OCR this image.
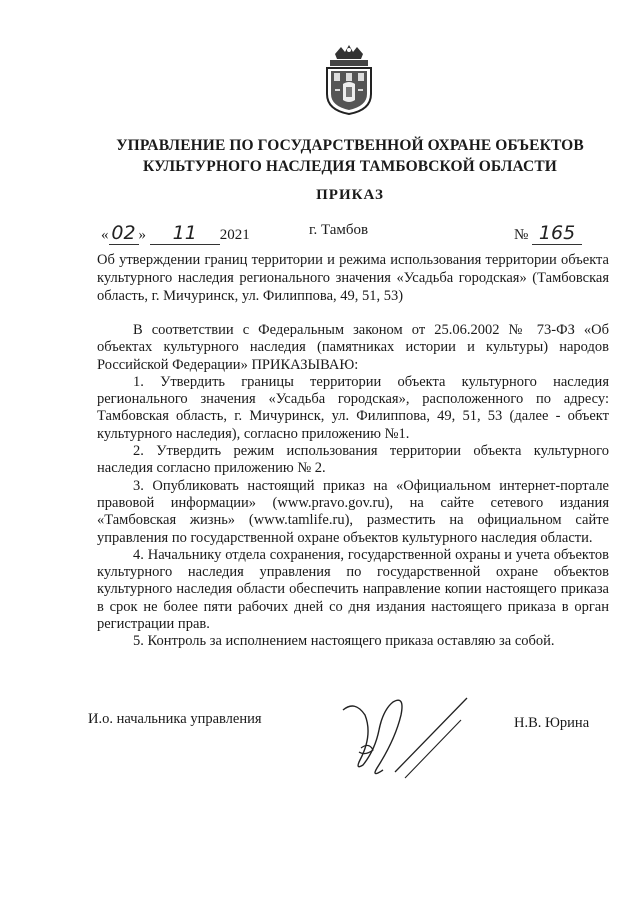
УПРАВЛЕНИЕ ПО ГОСУДАРСТВЕННОЙ ОХРАНЕ ОБЪЕКТОВ
КУЛЬТУРНОГО НАСЛЕДИЯ ТАМБОВСКОЙ ОБЛАСТИ
ПРИКАЗ
« 02 » 11 2021	г. Тамбов	№ 165
Об утверждении границ территории и режима использования территории объекта культурного наследия регионального значения «Усадьба городская» (Тамбовская область, г. Мичуринск, ул. Филиппова, 49, 51, 53)

В соответствии с Федеральным законом от 25.06.2002 № 73-ФЗ «Об объектах культурного наследия (памятниках истории и культуры) народов Российской Федерации» ПРИКАЗЫВАЮ:

1. Утвердить границы территории объекта культурного наследия регионального значения «Усадьба городская», расположенного по адресу: Тамбовская область, г. Мичуринск, ул. Филиппова, 49, 51, 53 (далее - объект культурного наследия), согласно приложению №1.

2. Утвердить режим использования территории объекта культурного наследия согласно приложению № 2.

3. Опубликовать настоящий приказ на «Официальном интернет-портале правовой информации» (www.pravo.gov.ru), на сайте сетевого издания «Тамбовская жизнь» (www.tamlife.ru), разместить на официальном сайте управления по государственной охране объектов культурного наследия области.

4. Начальнику отдела сохранения, государственной охраны и учета объектов культурного наследия управления по государственной охране объектов культурного наследия области обеспечить направление копии настоящего приказа в срок не более пяти рабочих дней со дня издания настоящего приказа в орган регистрации прав.

5. Контроль за исполнением настоящего приказа оставляю за собой.

И.о. начальника управления	Н.В. Юрина
